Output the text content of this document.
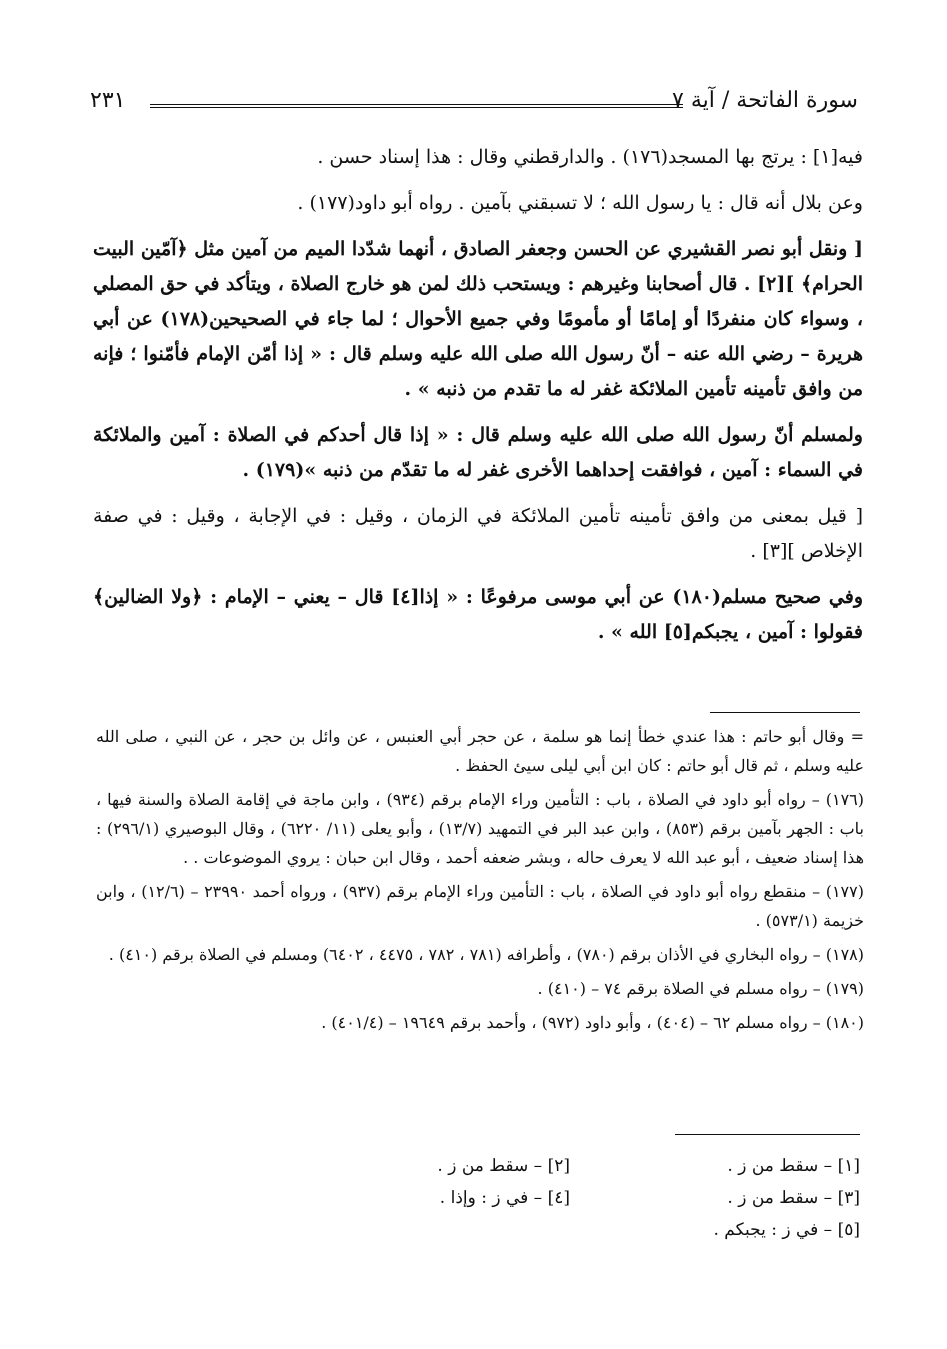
سورة الفاتحة / آية ٧
٢٣١

فيه[١] : يرتج بها المسجد(١٧٦) . والدارقطني وقال : هذا إسناد حسن .

وعن بلال أنه قال : يا رسول الله ؛ لا تسبقني بآمين . رواه أبو داود(١٧٧) .

[ ونقل أبو نصر القشيري عن الحسن وجعفر الصادق ، أنهما شدّدا الميم من آمين مثل ﴿آمّين البيت الحرام﴾ ][٢] . قال أصحابنا وغيرهم : ويستحب ذلك لمن هو خارج الصلاة ، ويتأكد في حق المصلي ، وسواء كان منفردًا أو إمامًا أو مأمومًا وفي جميع الأحوال ؛ لما جاء في الصحيحين(١٧٨) عن أبي هريرة – رضي الله عنه – أنّ رسول الله صلى الله عليه وسلم قال : « إذا أمّن الإمام فأمّنوا ؛ فإنه من وافق تأمينه تأمين الملائكة غفر له ما تقدم من ذنبه » .

ولمسلم أنّ رسول الله صلى الله عليه وسلم قال : « إذا قال أحدكم في الصلاة : آمين والملائكة في السماء : آمين ، فوافقت إحداهما الأخرى غفر له ما تقدّم من ذنبه »(١٧٩) .

[ قيل بمعنى من وافق تأمينه تأمين الملائكة في الزمان ، وقيل : في الإجابة ، وقيل : في صفة الإخلاص ][٣] .

وفي صحيح مسلم(١٨٠) عن أبي موسى مرفوعًا : « إذا[٤] قال – يعني – الإمام : ﴿ولا الضالين﴾ فقولوا : آمين ، يجبكم[٥] الله » .

= وقال أبو حاتم : هذا عندي خطأ إنما هو سلمة ، عن حجر أبي العنبس ، عن وائل بن حجر ، عن النبي ، صلى الله عليه وسلم ، ثم قال أبو حاتم : كان ابن أبي ليلى سيئ الحفظ .

(١٧٦) – رواه أبو داود في الصلاة ، باب : التأمين وراء الإمام برقم (٩٣٤) ، وابن ماجة في إقامة الصلاة والسنة فيها ، باب : الجهر بآمين برقم (٨٥٣) ، وابن عبد البر في التمهيد (١٣/٧) ، وأبو يعلى (١١/ ٦٢٢٠) ، وقال البوصيري (٢٩٦/١) : هذا إسناد ضعيف ، أبو عبد الله لا يعرف حاله ، وبشر ضعفه أحمد ، وقال ابن حبان : يروي الموضوعات . .

(١٧٧) – منقطع رواه أبو داود في الصلاة ، باب : التأمين وراء الإمام برقم (٩٣٧) ، ورواه أحمد ٢٣٩٩٠ – (١٢/٦) ، وابن خزيمة (٥٧٣/١) .

(١٧٨) – رواه البخاري في الأذان برقم (٧٨٠) ، وأطرافه (٧٨١ ، ٧٨٢ ، ٤٤٧٥ ، ٦٤٠٢) ومسلم في الصلاة برقم (٤١٠) .

(١٧٩) – رواه مسلم في الصلاة برقم ٧٤ – (٤١٠) .

(١٨٠) – رواه مسلم ٦٢ – (٤٠٤) ، وأبو داود (٩٧٢) ، وأحمد برقم ١٩٦٤٩ – (٤٠١/٤) .

[١] – سقط من ز .
[٢] – سقط من ز .
[٣] – سقط من ز .
[٤] – في ز : وإذا .
[٥] – في ز : يجبكم .
